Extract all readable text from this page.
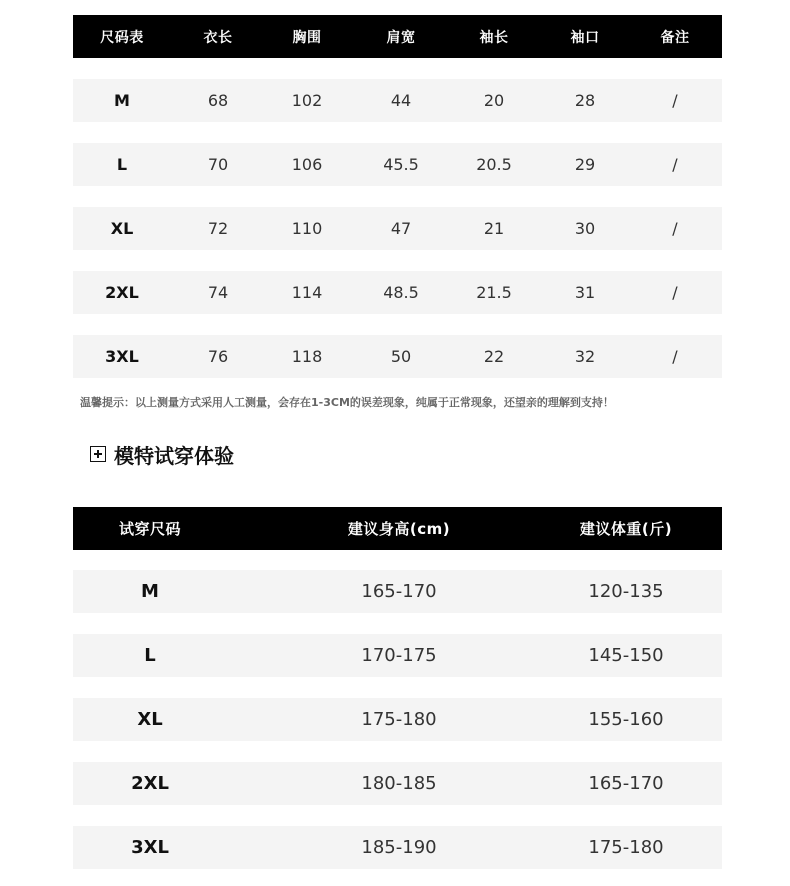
尺码表	衣长	胸围	肩宽	袖长	袖口	备注
M	68	102	44	20	28	/
L	70	106	45.5	20.5	29	/
XL	72	110	47	21	30	/
2XL	74	114	48.5	21.5	31	/
3XL	76	118	50	22	32	/
温馨提示：以上测量方式采用人工测量，会存在1-3CM的误差现象，纯属于正常现象，还望亲的理解到支持！
模特试穿体验
试穿尺码	建议身高(cm)	建议体重(斤)
M	165-170	120-135
L	170-175	145-150
XL	175-180	155-160
2XL	180-185	165-170
3XL	185-190	175-180
